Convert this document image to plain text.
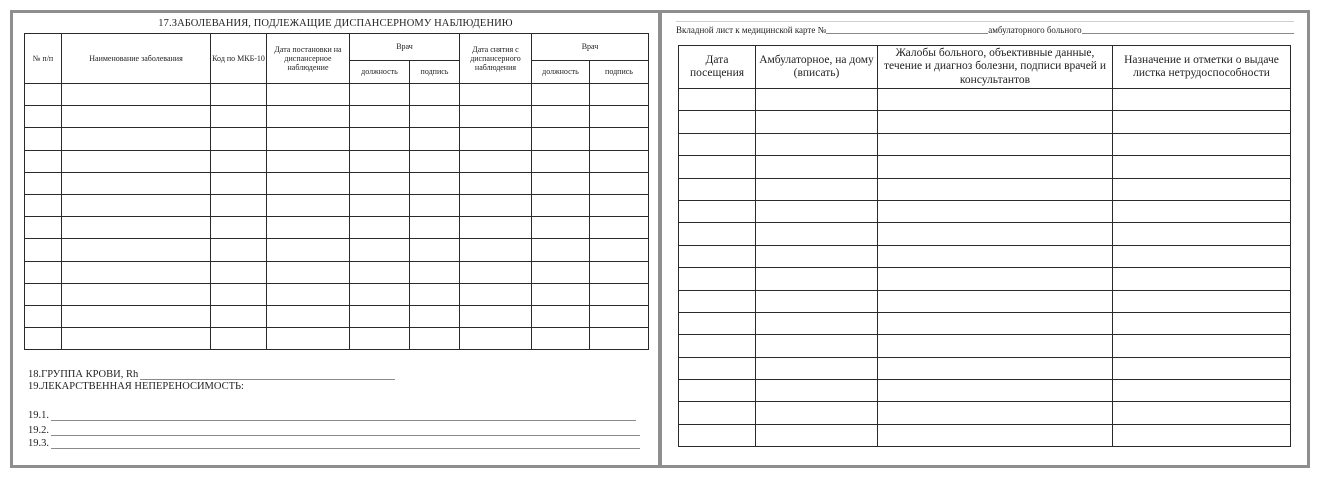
17.ЗАБОЛЕВАНИЯ, ПОДЛЕЖАЩИЕ ДИСПАНСЕРНОМУ НАБЛЮДЕНИЮ
№ п/п	Наименование заболевания	Код по МКБ-10	Дата постановки на диспансерное наблюдение	Врач		Дата снятия с диспансерного наблюдения	Врач	
				должность	подпись		должность	подпись

18.ГРУППА КРОВИ, Rh
19.ЛЕКАРСТВЕННАЯ НЕПЕРЕНОСИМОСТЬ:
19.1.
19.2.
19.3.
Вкладной лист к медицинской карте №	амбулаторного больного
Дата посещения	Амбулаторное, на дому (вписать)	Жалобы больного, объективные данные, течение и диагноз болезни, подписи врачей и консультантов	Назначение и отметки о выдаче листка нетрудоспособности
